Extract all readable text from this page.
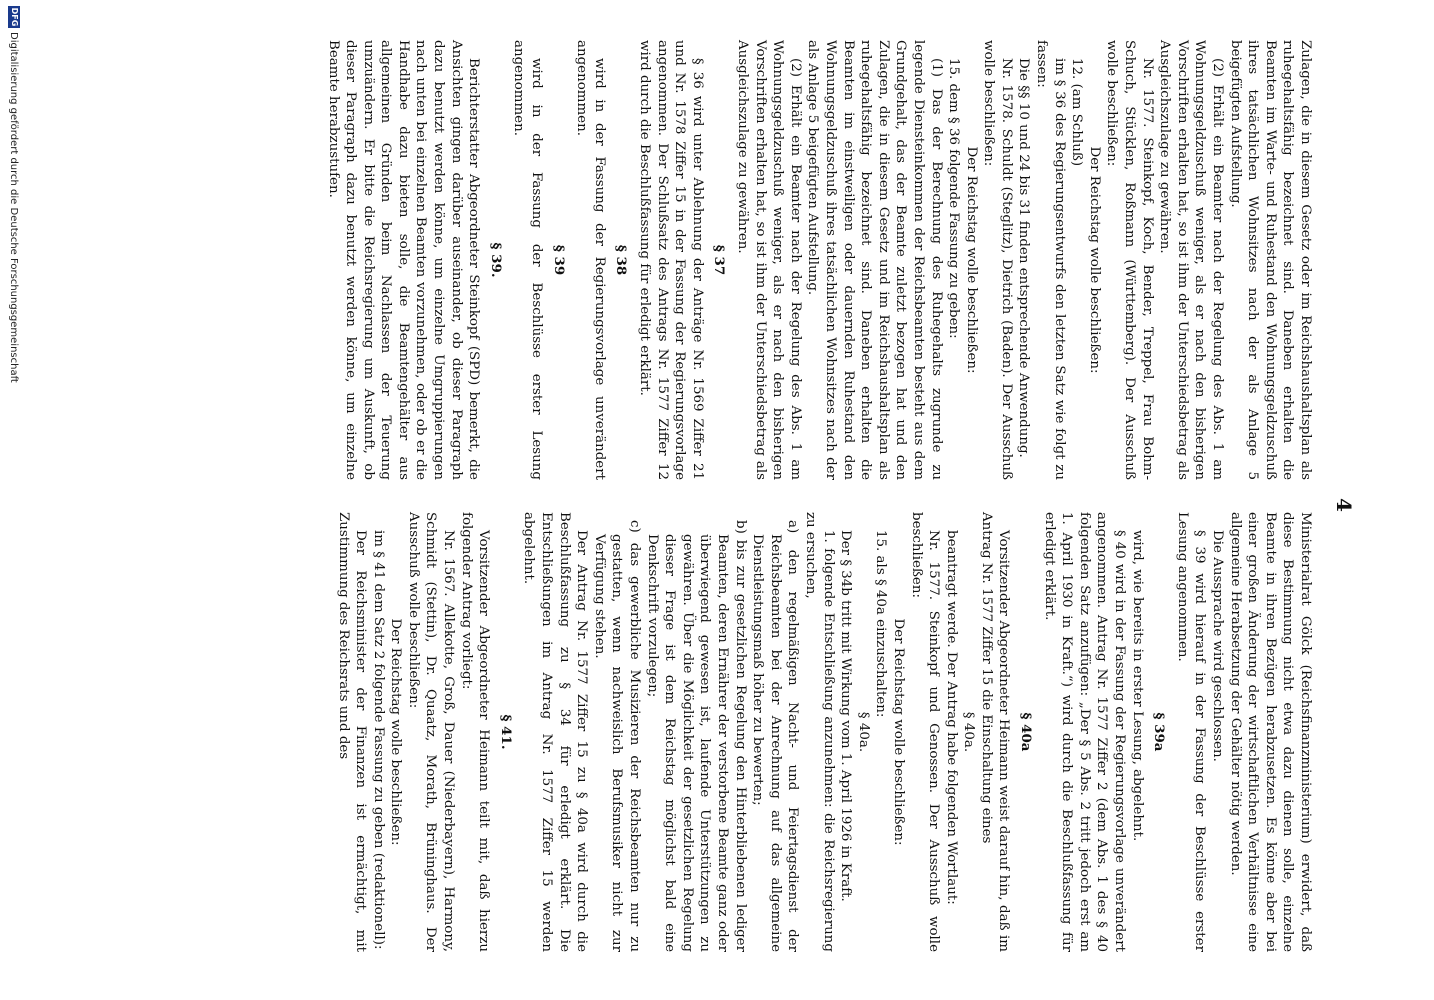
4

Zulagen, die in diesem Gesetz oder im Reichshaushaltsplan als ruhegehaltsfähig bezeichnet sind. Daneben erhalten die Beamten im Warte- und Ruhestand den Wohnungsgeldzuschuß ihres tatsächlichen Wohnsitzes nach der als Anlage 5 beigefügten Aufstellung.

(2) Erhält ein Beamter nach der Regelung des Abs. 1 am Wohnungsgeldzuschuß weniger, als er nach den bisherigen Vorschriften erhalten hat, so ist ihm der Unterschiedsbetrag als Ausgleichszulage zu gewähren.

Nr. 1577. Steinkopf, Koch, Bender, Treppel, Frau Bohm-Schuch, Stücklen, Roßmann (Württemberg). Der Ausschuß wolle beschließen:

Der Reichstag wolle beschließen:

12. (am Schluß)

im § 36 des Regierungsentwurfs den letzten Satz wie folgt zu fassen:

Die §§ 10 und 24 bis 31 finden entsprechende Anwendung.

Nr. 1578. Schuldt (Steglitz), Dietrich (Baden). Der Ausschuß wolle beschließen:

Der Reichstag wolle beschließen:

15. dem § 36 folgende Fassung zu geben:

(1) Das der Berechnung des Ruhegehalts zugrunde zu legende Diensteinkommen der Reichsbeamten besteht aus dem Grundgehalt, das der Beamte zuletzt bezogen hat und den Zulagen, die in diesem Gesetz und im Reichshaushaltsplan als ruhegehaltsfähig bezeichnet sind. Daneben erhalten die Beamten im einstweiligen oder dauernden Ruhestand den Wohnungsgeldzuschuß ihres tatsächlichen Wohnsitzes nach der als Anlage 5 beigefügten Aufstellung.

(2) Erhält ein Beamter nach der Regelung des Abs. 1 am Wohnungsgeldzuschuß weniger, als er nach den bisherigen Vorschriften erhalten hat, so ist ihm der Unterschiedsbetrag als Ausgleichszulage zu gewähren.

§ 37

§ 36 wird unter Ablehnung der Anträge Nr. 1569 Ziffer 21 und Nr. 1578 Ziffer 15 in der Fassung der Regierungsvorlage angenommen. Der Schlußsatz des Antrags Nr. 1577 Ziffer 12 wird durch die Beschlußfassung für erledigt erklärt.

§ 38

wird in der Fassung der Regierungsvorlage unverändert angenommen.

§ 39

wird in der Fassung der Beschlüsse erster Lesung angenommen.

§ 39.

Berichterstatter Abgeordneter Steinkopf (SPD) bemerkt, die Ansichten gingen darüber auseinander, ob dieser Paragraph dazu benutzt werden könne, um einzelne Umgruppierungen nach unten bei einzelnen Beamten vorzunehmen, oder ob er die Handhabe dazu bieten solle, die Beamtengehälter aus allgemeinen Gründen beim Nachlassen der Teuerung umzuändern. Er bitte die Reichsregierung um Auskunft, ob dieser Paragraph dazu benutzt werden könne, um einzelne Beamte herabzustufen.

Ministerialrat Gölck (Reichsfinanzministerium) erwidert, daß diese Bestimmung nicht etwa dazu dienen solle, einzelne Beamte in ihren Bezügen herabzusetzen. Es könne aber bei einer großen Änderung der wirtschaftlichen Verhältnisse eine allgemeine Herabsetzung der Gehälter nötig werden.

Die Aussprache wird geschlossen.

§ 39 wird hierauf in der Fassung der Beschlüsse erster Lesung angenommen.

§ 39a

wird, wie bereits in erster Lesung, abgelehnt.

§ 40 wird in der Fassung der Regierungsvorlage unverändert angenommen. Antrag Nr. 1577 Ziffer 2 (dem Abs. 1 des § 40 folgenden Satz anzufügen: „Der § 5 Abs. 2 tritt jedoch erst am 1. April 1930 in Kraft.“) wird durch die Beschlußfassung für erledigt erklärt.

§ 40a

Vorsitzender Abgeordneter Heimann weist darauf hin, daß im Antrag Nr. 1577 Ziffer 15 die Einschaltung eines

§ 40a.

beantragt werde. Der Antrag habe folgenden Wortlaut:

Nr. 1577. Steinkopf und Genossen. Der Ausschuß wolle beschließen:

Der Reichstag wolle beschließen:

15. als § 40a einzuschalten:

§ 40a.

Der § 34b tritt mit Wirkung vom 1. April 1926 in Kraft.

1. folgende Entschließung anzunehmen: die Reichsregierung zu ersuchen,

a) den regelmäßigen Nacht- und Feiertagsdienst der Reichsbeamten bei der Anrechnung auf das allgemeine Dienstleistungsmaß höher zu bewerten;

b) bis zur gesetzlichen Regelung den Hinterbliebenen lediger Beamten, deren Ernährer der verstorbene Beamte ganz oder überwiegend gewesen ist, laufende Unterstützungen zu gewähren. Über die Möglichkeit der gesetzlichen Regelung dieser Frage ist dem Reichstag möglichst bald eine Denkschrift vorzulegen;

c) das gewerbliche Musizieren der Reichsbeamten nur zu gestatten, wenn nachweislich Berufsmusiker nicht zur Verfügung stehen.

Der Antrag Nr. 1577 Ziffer 15 zu § 40a wird durch die Beschlußfassung zu § 34 für erledigt erklärt. Die Entschließungen im Antrag Nr. 1577 Ziffer 15 werden abgelehnt.

§ 41.

Vorsitzender Abgeordneter Heimann teilt mit, daß hierzu folgender Antrag vorliegt:

Nr. 1567. Allekotte, Groß, Dauer (Niederbayern), Harmony, Schmidt (Stettin), Dr. Quaatz, Morath, Brüninghaus. Der Ausschuß wolle beschließen:

Der Reichstag wolle beschließen:

im § 41 dem Satz 2 folgende Fassung zu geben (redaktionell):

Der Reichsminister der Finanzen ist ermächtigt, mit Zustimmung des Reichsrats und des

DFG
Digitalisierung gefördert durch die Deutsche Forschungsgemeinschaft
